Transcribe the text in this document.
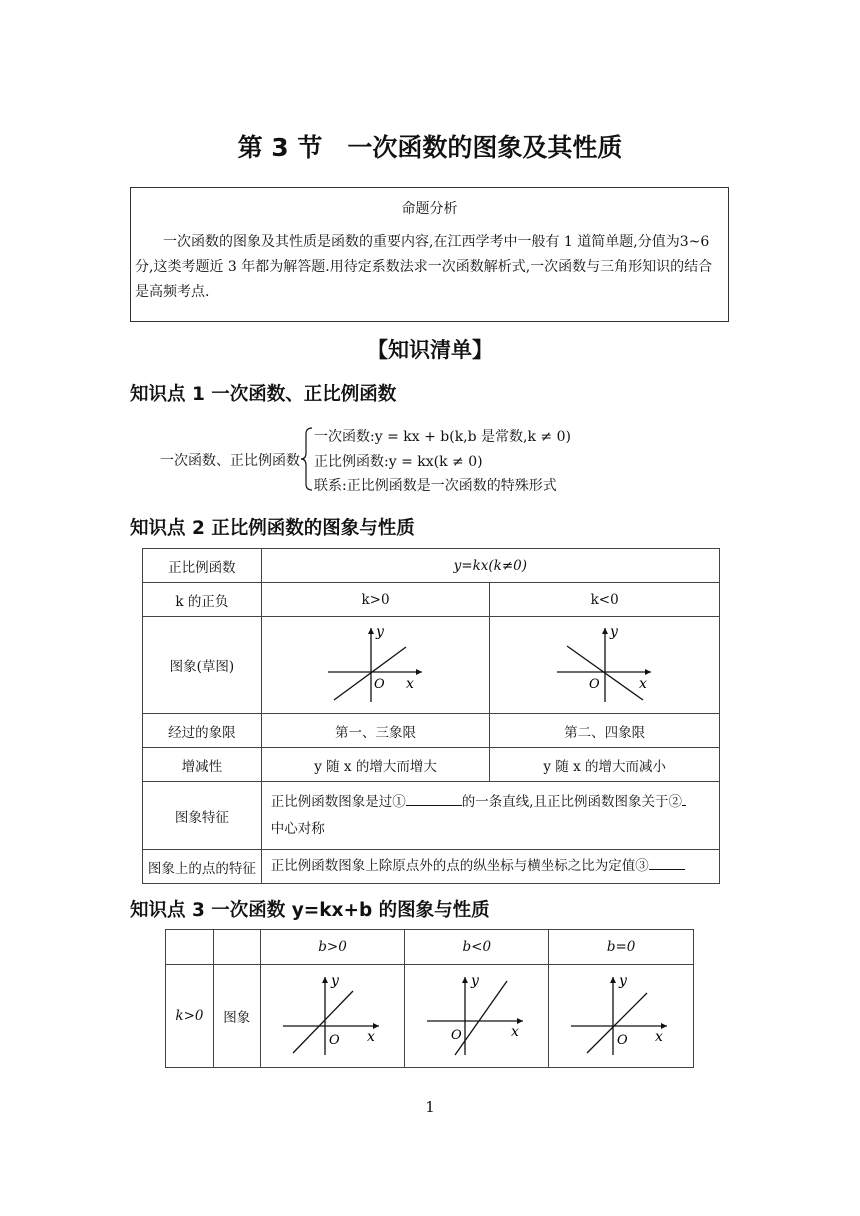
第 3 节　一次函数的图象及其性质
命题分析
一次函数的图象及其性质是函数的重要内容,在江西学考中一般有 1 道简单题,分值为3~6 分,这类考题近 3 年都为解答题.用待定系数法求一次函数解析式,一次函数与三角形知识的结合是高频考点.
【知识清单】
知识点 1 一次函数、正比例函数
一次函数、正比例函数
一次函数:y = kx + b(k,b 是常数,k ≠ 0)
正比例函数:y = kx(k ≠ 0)
联系:正比例函数是一次函数的特殊形式
知识点 2 正比例函数的图象与性质
正比例函数	y=kx(k≠0)	
k 的正负	k>0	k<0
图象(草图)	y
x
O	y
x
O

经过的象限	第一、三象限	第二、四象限
增减性	y 随 x 的增大而增大	y 随 x 的增大而减小
图象特征	正比例函数图象是过① 的一条直线,且正比例函数图象关于②
中心对称	
图象上的点的特征	正比例函数图象上除原点外的点的纵坐标与横坐标之比为定值③	
知识点 3 一次函数 y=kx+b 的图象与性质
		b>0	b<0	b=0
k>0	图象	y
x
O	y
x
O	y
x
O
1
